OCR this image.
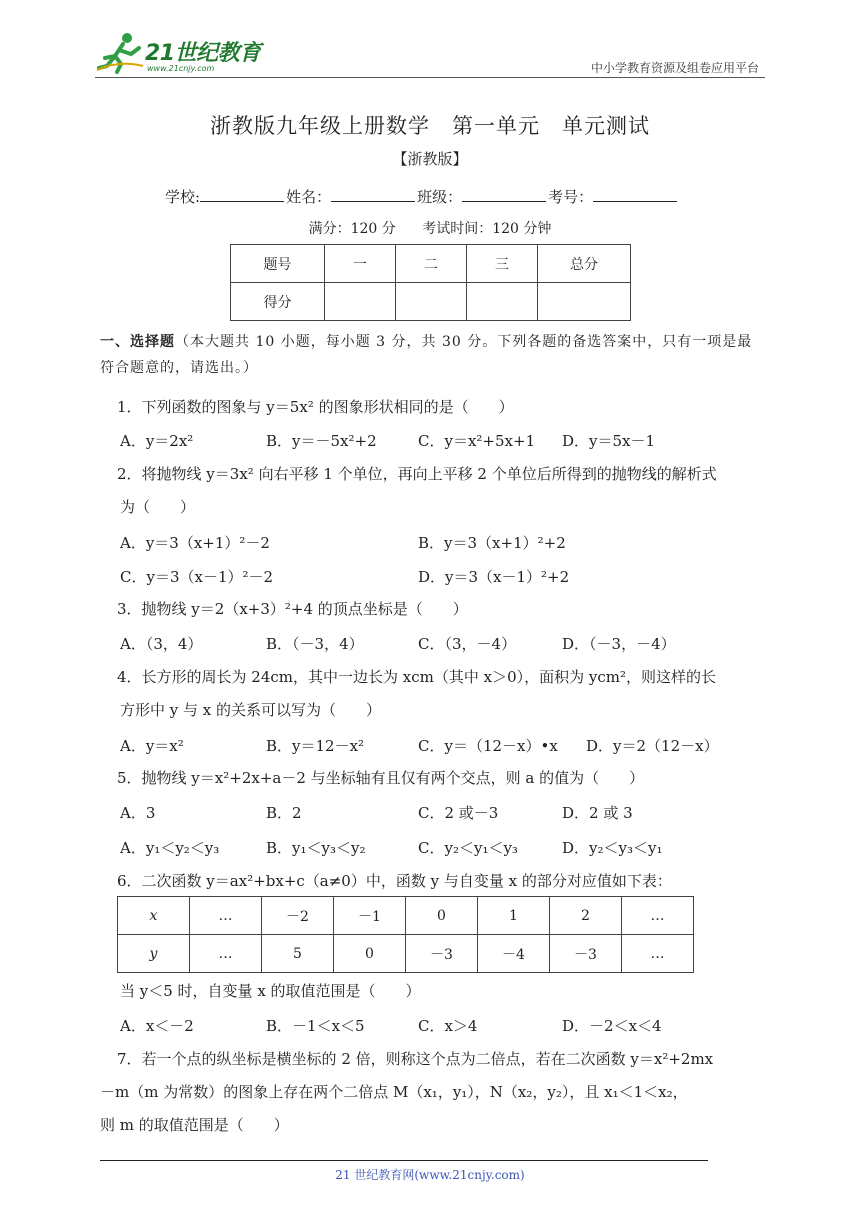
21世纪教育
www.21cnjy.com	中小学教育资源及组卷应用平台
浙教版九年级上册数学　第一单元　单元测试
【浙教版】
学校:	姓名：	班级：	考号：
满分：120 分 考试时间：120 分钟
题号	一	二	三	总分
得分				
一、选择题（本大题共 10 小题，每小题 3 分，共 30 分。下列各题的备选答案中，只有一项是最符合题意的，请选出。）
1．下列函数的图象与 y＝5x² 的图象形状相同的是（　　）
A．y＝2x²	B．y＝－5x²+2	C．y＝x²+5x+1 D．y＝5x－1
2．将抛物线 y＝3x² 向右平移 1 个单位，再向上平移 2 个单位后所得到的抛物线的解析式
为（　　）
A．y＝3（x+1）²－2	B．y＝3（x+1）²+2
C．y＝3（x－1）²－2	D．y＝3（x－1）²+2
3．抛物线 y＝2（x+3）²+4 的顶点坐标是（　　）
A．（3，4）	B．（－3，4）	C．（3，－4）	D．（－3，－4）
4．长方形的周长为 24cm，其中一边长为 xcm（其中 x＞0），面积为 ycm²，则这样的长
方形中 y 与 x 的关系可以写为（　　）
A．y＝x²	B．y＝12－x²	C．y＝（12－x）•x D．y＝2（12－x）
5．抛物线 y＝x²+2x+a－2 与坐标轴有且仅有两个交点，则 a 的值为（　　）
A．3	B．2	C．2 或－3	D．2 或 3
A．y₁＜y₂＜y₃	B．y₁＜y₃＜y₂	C．y₂＜y₁＜y₃	D．y₂＜y₃＜y₁
6．二次函数 y＝ax²+bx+c（a≠0）中，函数 y 与自变量 x 的部分对应值如下表：
x	…	－2	－1	0	1	2	…
y	…	5	0	－3	－4	－3	…
当 y＜5 时，自变量 x 的取值范围是（　　）
A．x＜－2	B．－1＜x＜5	C．x＞4	D．－2＜x＜4
7．若一个点的纵坐标是横坐标的 2 倍，则称这个点为二倍点，若在二次函数 y＝x²+2mx
－m（m 为常数）的图象上存在两个二倍点 M（x₁，y₁），N（x₂，y₂），且 x₁＜1＜x₂，
则 m 的取值范围是（　　）
21 世纪教育网(www.21cnjy.com)
